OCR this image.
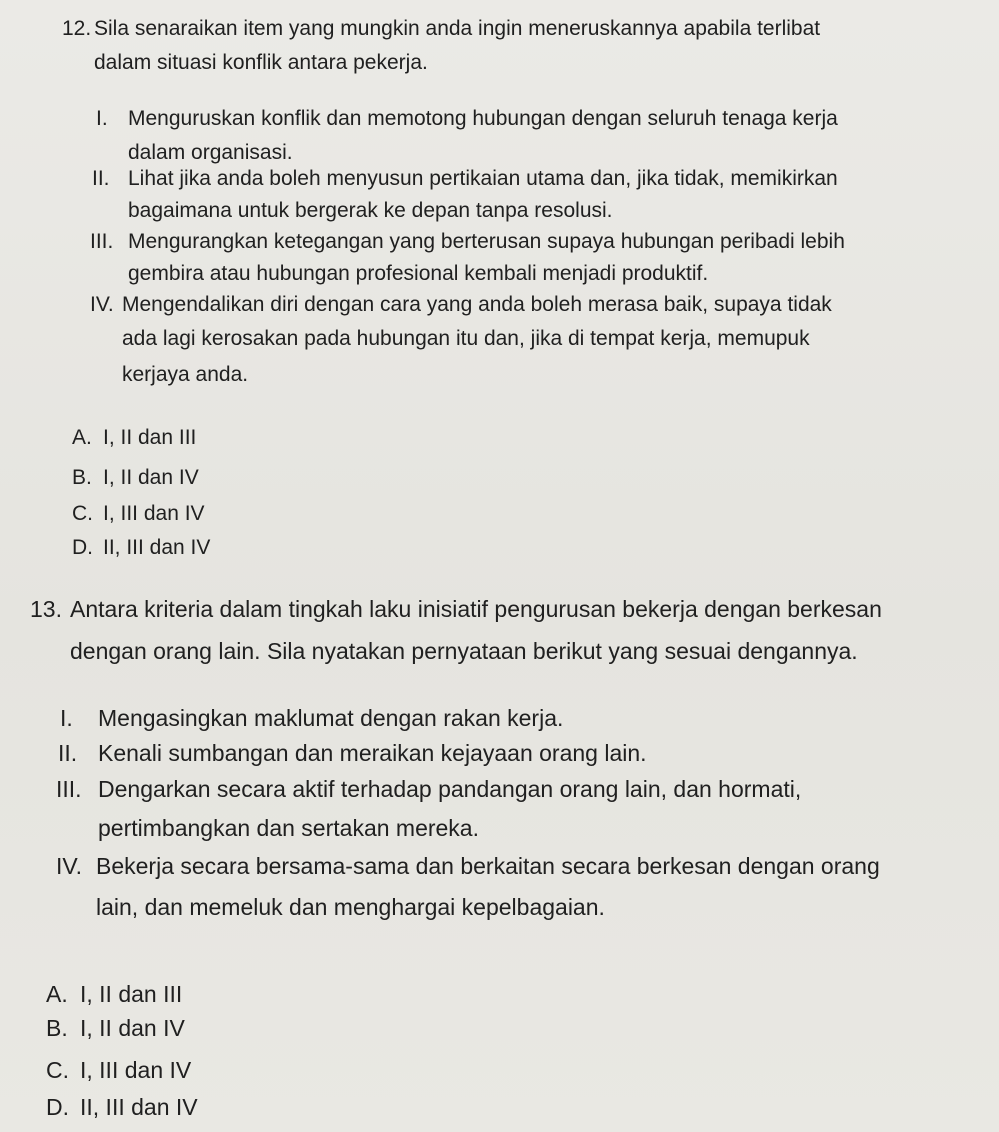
12. Sila senaraikan item yang mungkin anda ingin meneruskannya apabila terlibat
dalam situasi konflik antara pekerja.
I. Menguruskan konflik dan memotong hubungan dengan seluruh tenaga kerja
dalam organisasi.
II. Lihat jika anda boleh menyusun pertikaian utama dan, jika tidak, memikirkan
bagaimana untuk bergerak ke depan tanpa resolusi.
III. Mengurangkan ketegangan yang berterusan supaya hubungan peribadi lebih
gembira atau hubungan profesional kembali menjadi produktif.
IV. Mengendalikan diri dengan cara yang anda boleh merasa baik, supaya tidak
ada lagi kerosakan pada hubungan itu dan, jika di tempat kerja, memupuk
kerjaya anda.
A. I, II dan III
B. I, II dan IV
C. I, III dan IV
D. II, III dan IV
13. Antara kriteria dalam tingkah laku inisiatif pengurusan bekerja dengan berkesan
dengan orang lain. Sila nyatakan pernyataan berikut yang sesuai dengannya.
I. Mengasingkan maklumat dengan rakan kerja.
II. Kenali sumbangan dan meraikan kejayaan orang lain.
III. Dengarkan secara aktif terhadap pandangan orang lain, dan hormati,
pertimbangkan dan sertakan mereka.
IV. Bekerja secara bersama-sama dan berkaitan secara berkesan dengan orang
lain, dan memeluk dan menghargai kepelbagaian.
A. I, II dan III
B. I, II dan IV
C. I, III dan IV
D. II, III dan IV
